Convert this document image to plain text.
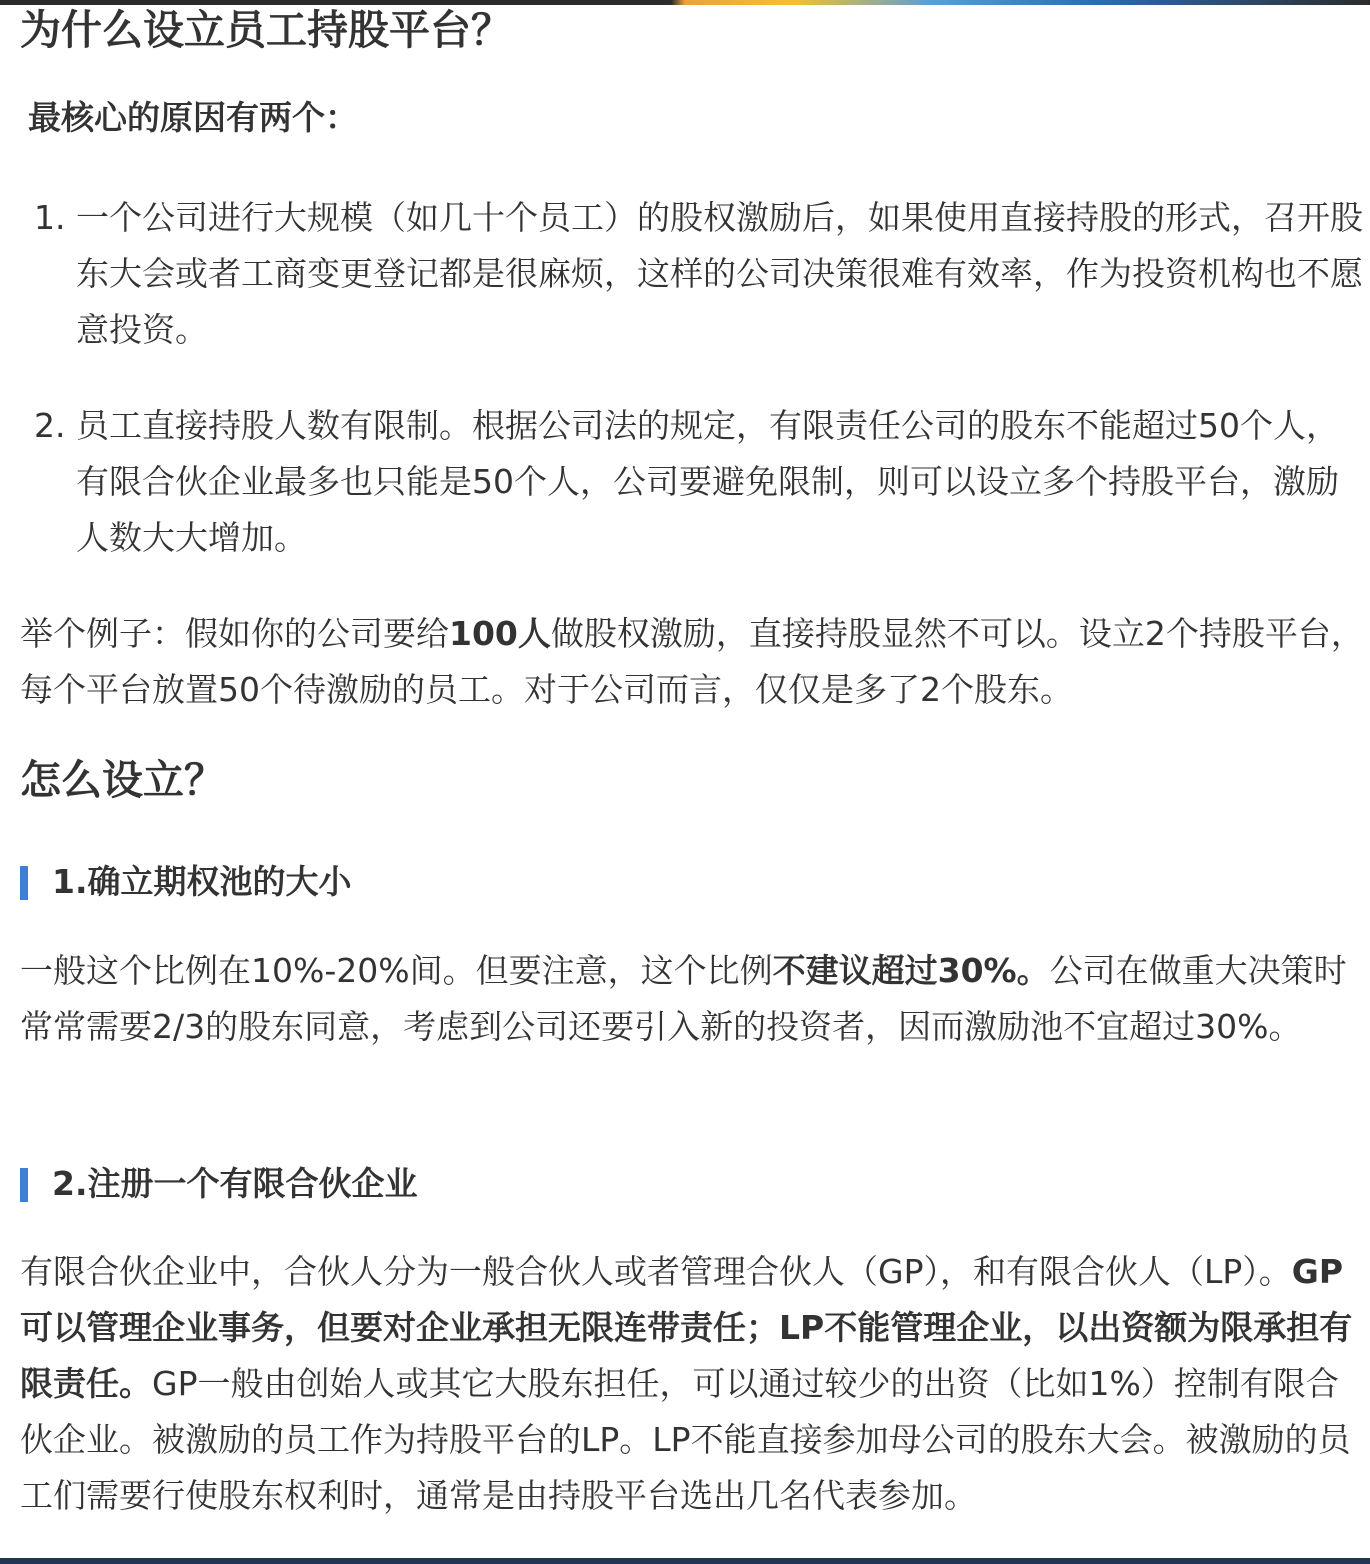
为什么设立员工持股平台？

最核心的原因有两个：

1. 一个公司进行大规模（如几十个员工）的股权激励后，如果使用直接持股的形式，召开股东大会或者工商变更登记都是很麻烦，这样的公司决策很难有效率，作为投资机构也不愿意投资。
2. 员工直接持股人数有限制。根据公司法的规定，有限责任公司的股东不能超过50个人，有限合伙企业最多也只能是50个人，公司要避免限制，则可以设立多个持股平台，激励人数大大增加。

举个例子：假如你的公司要给100人做股权激励，直接持股显然不可以。设立2个持股平台，每个平台放置50个待激励的员工。对于公司而言，仅仅是多了2个股东。

怎么设立？
1.确立期权池的大小

一般这个比例在10%-20%间。但要注意，这个比例不建议超过30%。公司在做重大决策时常常需要2/3的股东同意，考虑到公司还要引入新的投资者，因而激励池不宜超过30%。

2.注册一个有限合伙企业

有限合伙企业中，合伙人分为一般合伙人或者管理合伙人（GP），和有限合伙人（LP）。GP可以管理企业事务，但要对企业承担无限连带责任；LP不能管理企业，以出资额为限承担有限责任。GP一般由创始人或其它大股东担任，可以通过较少的出资（比如1%）控制有限合伙企业。被激励的员工作为持股平台的LP。LP不能直接参加母公司的股东大会。被激励的员工们需要行使股东权利时，通常是由持股平台选出几名代表参加。
